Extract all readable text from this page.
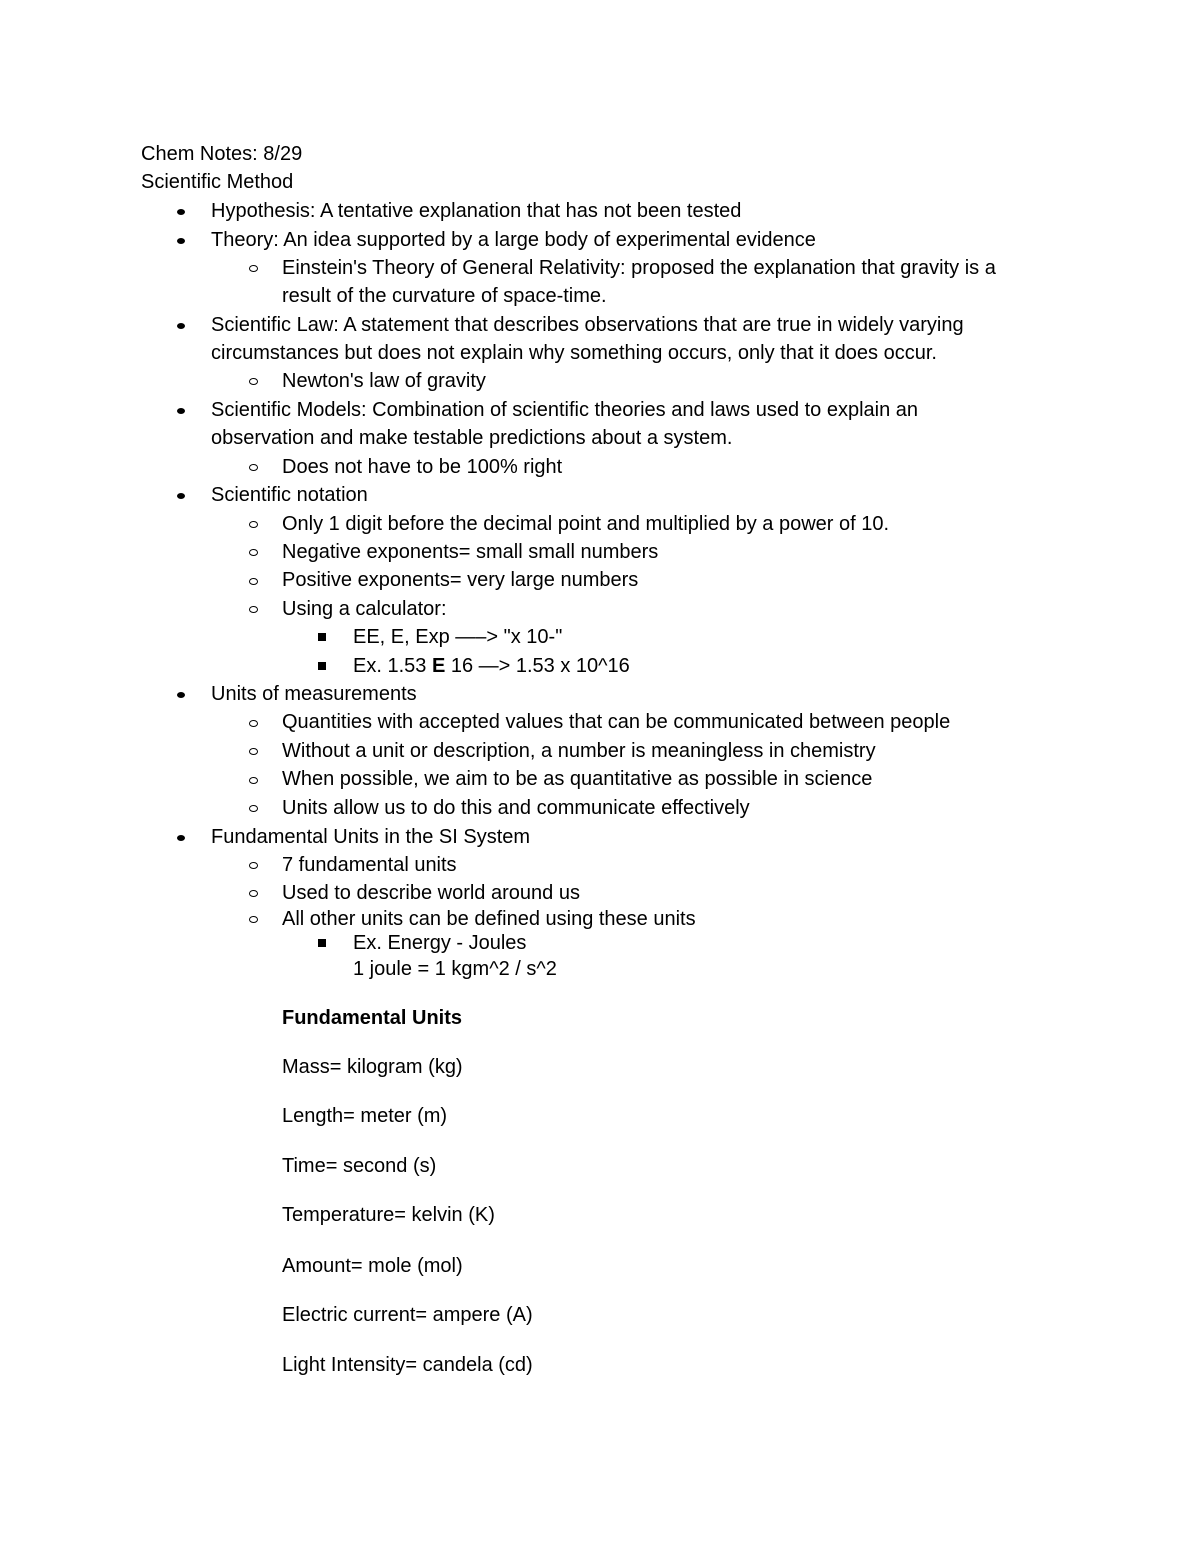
Chem Notes: 8/29
Scientific Method
Hypothesis: A tentative explanation that has not been tested
Theory: An idea supported by a large body of experimental evidence
Einstein's Theory of General Relativity: proposed the explanation that gravity is a
result of the curvature of space-time.
Scientific Law: A statement that describes observations that are true in widely varying
circumstances but does not explain why something occurs, only that it does occur.
Newton's law of gravity
Scientific Models: Combination of scientific theories and laws used to explain an
observation and make testable predictions about a system.
Does not have to be 100% right
Scientific notation
Only 1 digit before the decimal point and multiplied by a power of 10.
Negative exponents= small small numbers
Positive exponents= very large numbers
Using a calculator:
EE, E, Exp —–> "x 10-"
Ex. 1.53 E 16 —> 1.53 x 10^16
Units of measurements
Quantities with accepted values that can be communicated between people
Without a unit or description, a number is meaningless in chemistry
When possible, we aim to be as quantitative as possible in science
Units allow us to do this and communicate effectively
Fundamental Units in the SI System
7 fundamental units
Used to describe world around us
All other units can be defined using these units
Ex. Energy - Joules
1 joule = 1 kgm^2 / s^2
Fundamental Units
Mass= kilogram (kg)
Length= meter (m)
Time= second (s)
Temperature= kelvin (K)
Amount= mole (mol)
Electric current= ampere (A)
Light Intensity= candela (cd)
